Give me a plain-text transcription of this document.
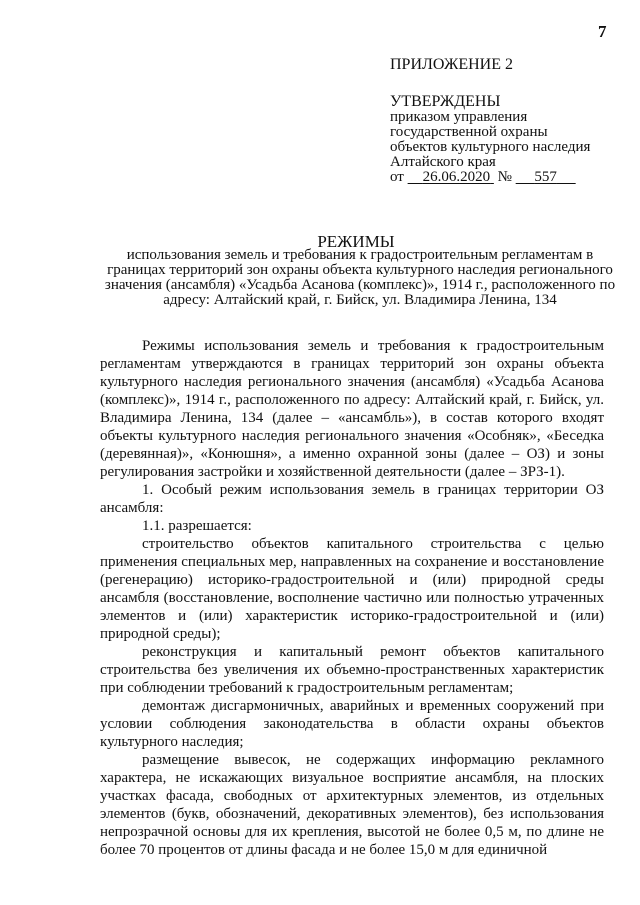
7
ПРИЛОЖЕНИЕ 2
УТВЕРЖДЕНЫ
приказом управления
государственной охраны
объектов культурного наследия
Алтайского края
от 26.06.2020 № 557
РЕЖИМЫ
использования земель и требования к градостроительным регламентам в границах территорий зон охраны объекта культурного наследия регионального значения (ансамбля) «Усадьба Асанова (комплекс)», 1914 г., расположенного по адресу: Алтайский край, г. Бийск, ул. Владимира Ленина, 134

Режимы использования земель и требования к градостроительным регламентам утверждаются в границах территорий зон охраны объекта культурного наследия регионального значения (ансамбля) «Усадьба Асанова (комплекс)», 1914 г., расположенного по адресу: Алтайский край, г. Бийск, ул. Владимира Ленина, 134 (далее – «ансамбль»), в состав которого входят объекты культурного наследия регионального значения «Особняк», «Беседка (деревянная)», «Конюшня», а именно охранной зоны (далее – ОЗ) и зоны регулирования застройки и хозяйственной деятельности (далее – ЗРЗ-1).

1. Особый режим использования земель в границах территории ОЗ ансамбля:

1.1. разрешается:

строительство объектов капитального строительства с целью применения специальных мер, направленных на сохранение и восстановление (регенерацию) историко-градостроительной и (или) природной среды ансамбля (восстановление, восполнение частично или полностью утраченных элементов и (или) характеристик историко-градостроительной и (или) природной среды);

реконструкция и капитальный ремонт объектов капитального строительства без увеличения их объемно-пространственных характеристик при соблюдении требований к градостроительным регламентам;

демонтаж дисгармоничных, аварийных и временных сооружений при условии соблюдения законодательства в области охраны объектов культурного наследия;

размещение вывесок, не содержащих информацию рекламного характера, не искажающих визуальное восприятие ансамбля, на плоских участках фасада, свободных от архитектурных элементов, из отдельных элементов (букв, обозначений, декоративных элементов), без использования непрозрачной основы для их крепления, высотой не более 0,5 м, по длине не более 70 процентов от длины фасада и не более 15,0 м для единичной
